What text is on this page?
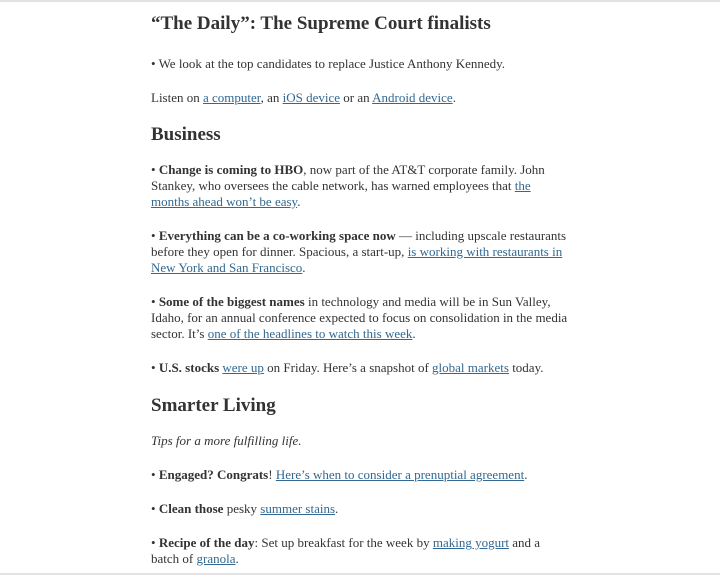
“The Daily”: The Supreme Court finalists

• We look at the top candidates to replace Justice Anthony Kennedy.

Listen on a computer, an iOS device or an Android device.

Business

• Change is coming to HBO, now part of the AT&T corporate family. John Stankey, who oversees the cable network, has warned employees that the months ahead won’t be easy.

• Everything can be a co-working space now — including upscale restaurants before they open for dinner. Spacious, a start-up, is working with restaurants in New York and San Francisco.

• Some of the biggest names in technology and media will be in Sun Valley, Idaho, for an annual conference expected to focus on consolidation in the media sector. It’s one of the headlines to watch this week.

• U.S. stocks were up on Friday. Here’s a snapshot of global markets today.

Smarter Living

Tips for a more fulfilling life.

• Engaged? Congrats! Here’s when to consider a prenuptial agreement.

• Clean those pesky summer stains.

• Recipe of the day: Set up breakfast for the week by making yogurt and a batch of granola.
